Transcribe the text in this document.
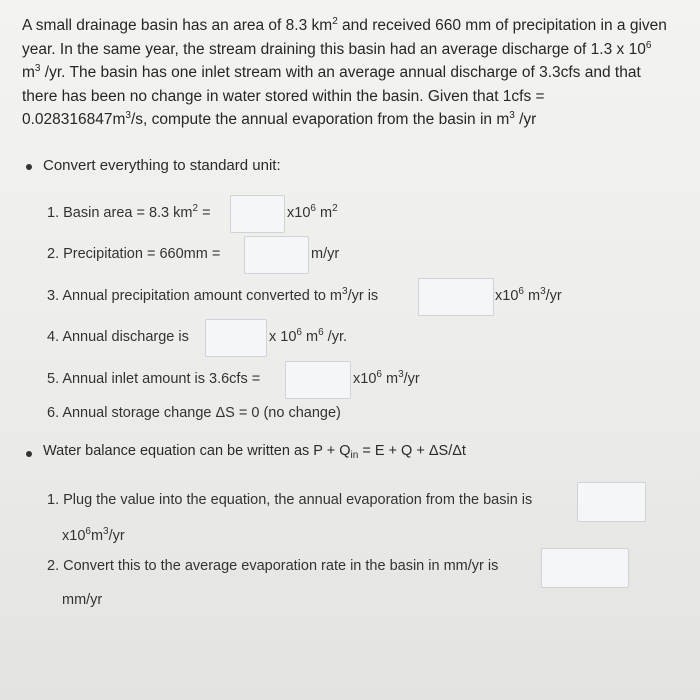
A small drainage basin has an area of 8.3 $km^2$ and received 660 mm of precipitation in a given year. In the same year, the stream draining this basin had an average discharge of 1.3 x $10^6$ $m^3$ /yr. The basin has one inlet stream with an average annual discharge of 3.3cfs and that there has been no change in water stored within the basin. Given that $1cfs = 0.028316847m^3/s$, compute the annual evaporation from the basin in $m^3$ /yr
Convert everything to standard unit:
1. Basin area = 8.3 $km^2$ =	$x10^6$ $m^2$
2. Precipitation = 660mm =	m/yr
3. Annual precipitation amount converted to $m^3/yr$ is	$x10^6$ $m^3/yr$
4. Annual discharge is	x $10^6$ $m^6$ /yr.
5. Annual inlet amount is 3.6cfs =	$x10^6$ $m^3/yr$
6. Annual storage change ΔS = 0 (no change)
Water balance equation can be written as $P + Q_{in} = E + Q + \Delta S/\Delta t$
1. Plug the value into the equation, the annual evaporation from the basin is
$x10^6m^3/yr$
2. Convert this to the average evaporation rate in the basin in mm/yr is
mm/yr
